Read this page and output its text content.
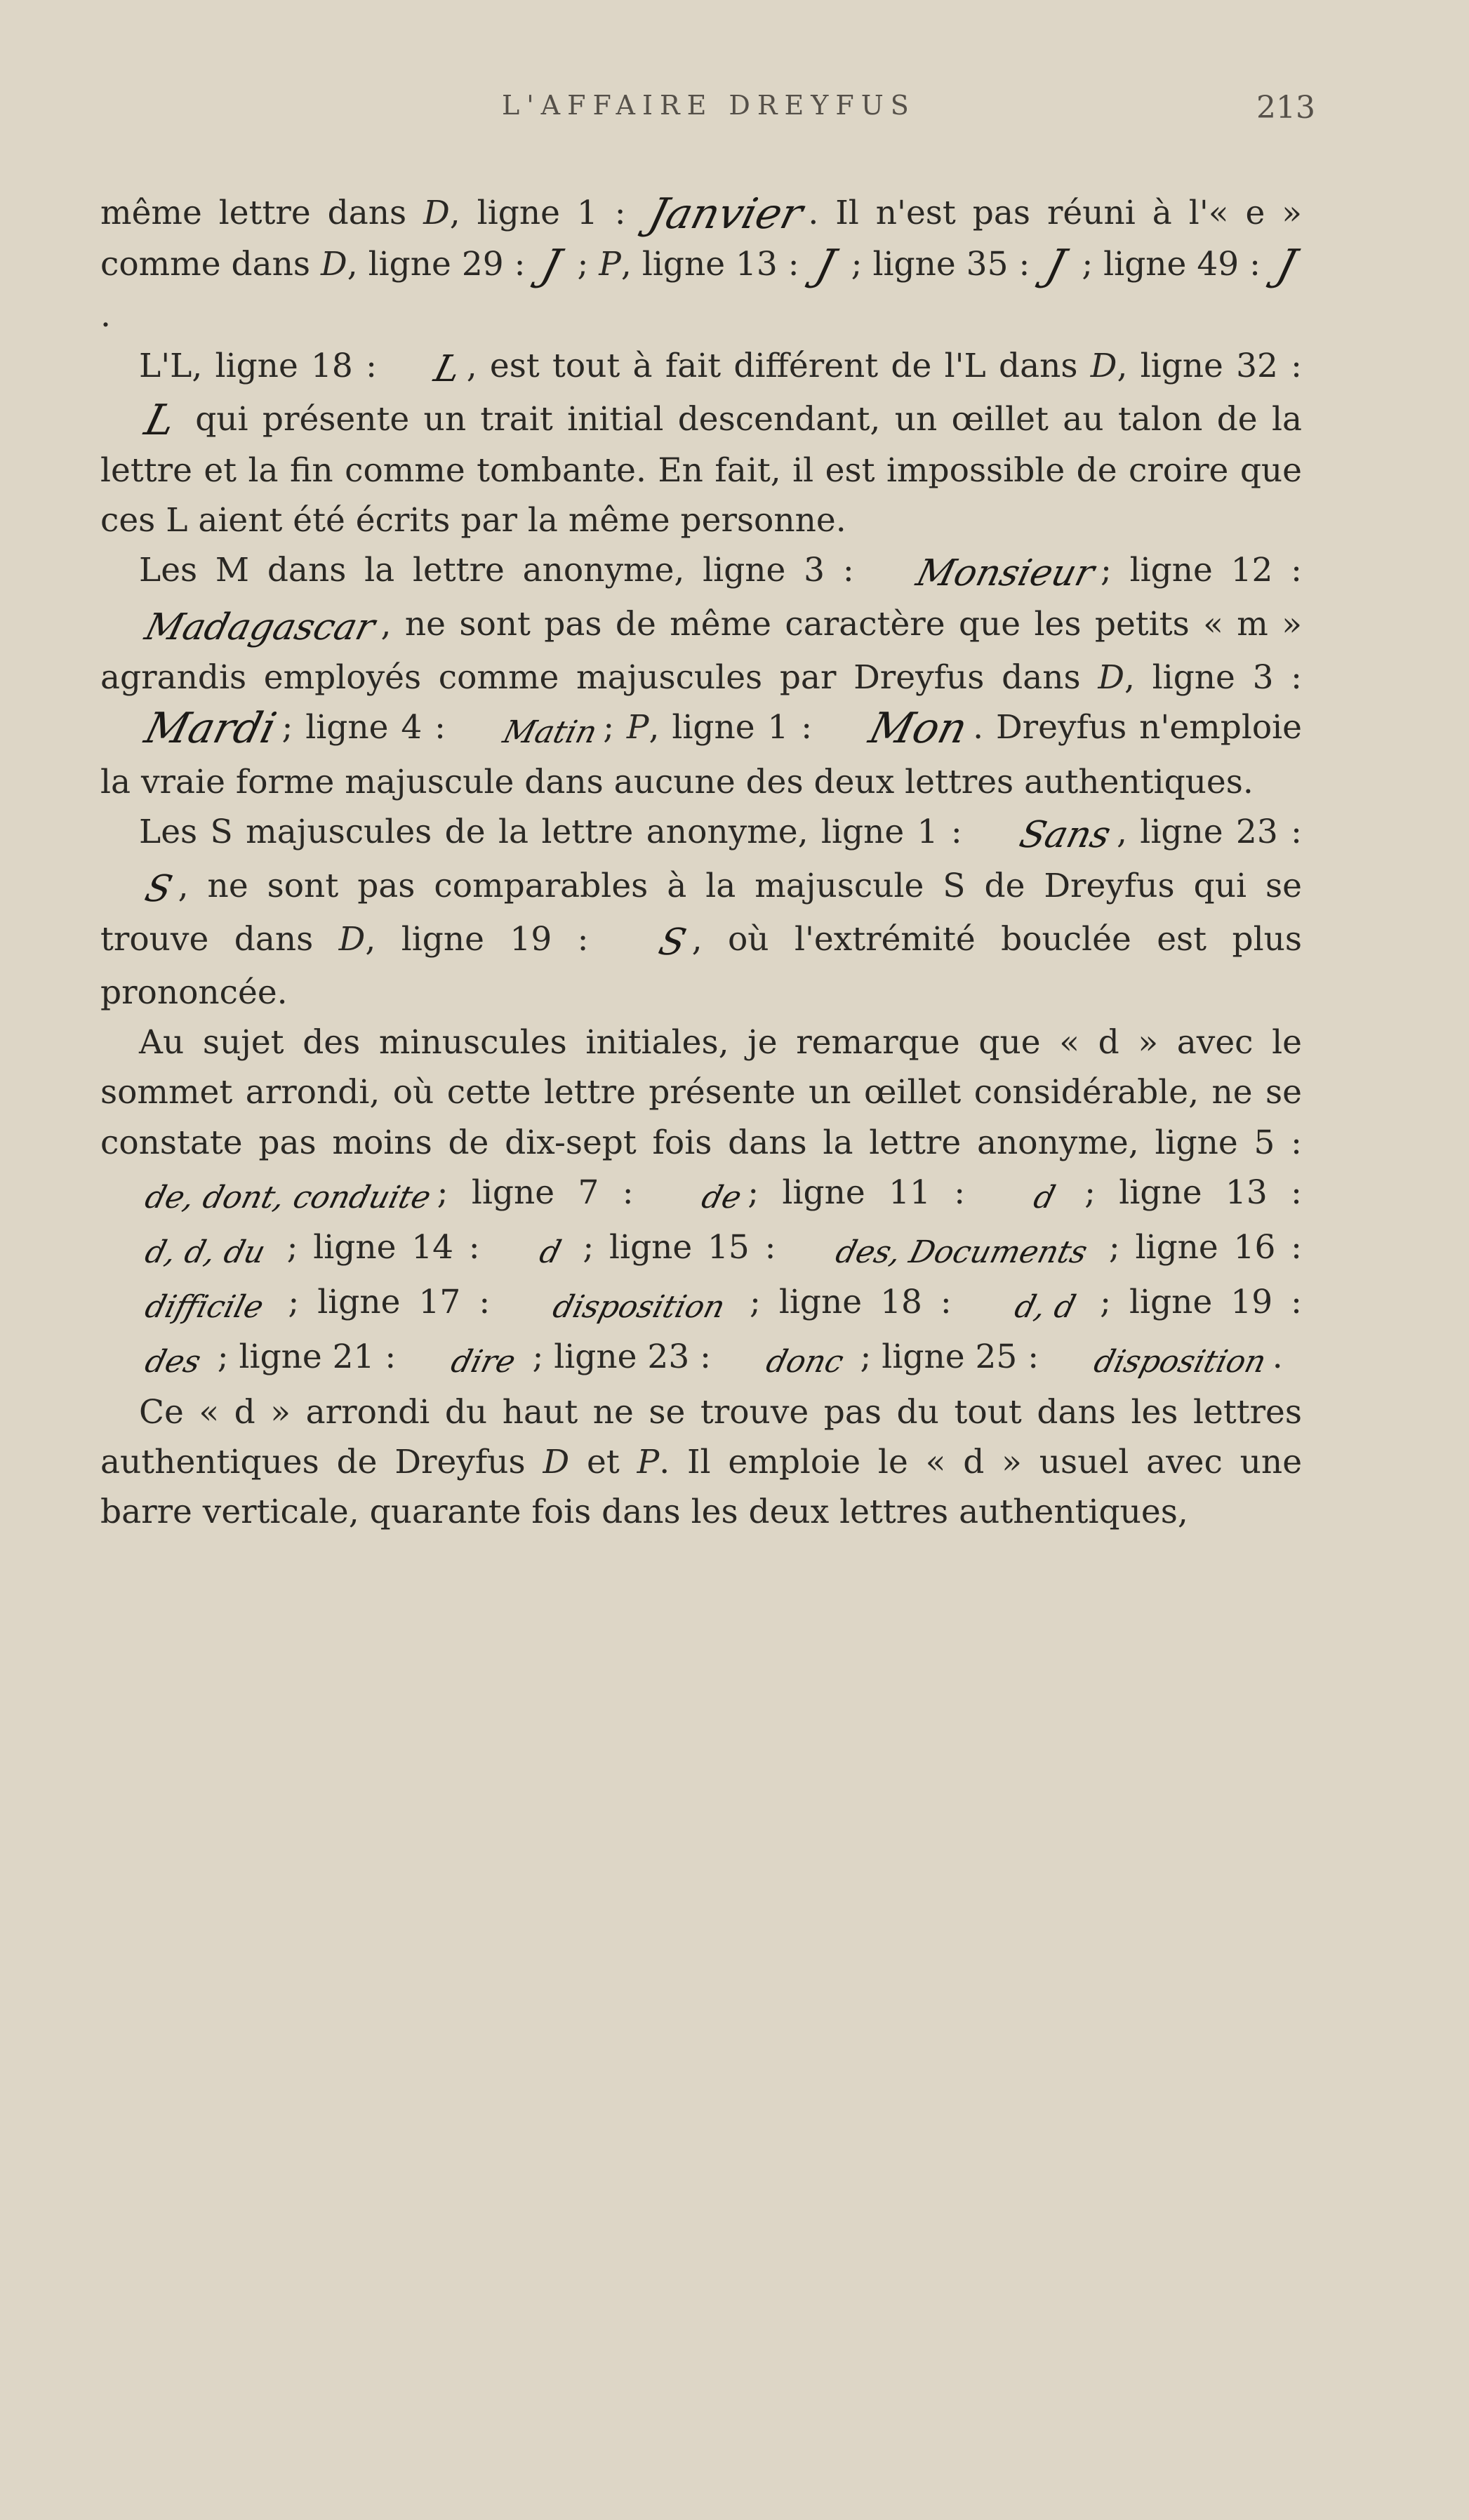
L'AFFAIRE DREYFUS	213

même lettre dans D, ligne 1 : Janvier. Il n'est pas réuni à l'« e » comme dans D, ligne 29 : J ; P, ligne 13 : J ; ligne 35 : J ; ligne 49 : J.

L'L, ligne 18 : L, est tout à fait différent de l'L dans D, ligne 32 : L qui présente un trait initial descendant, un œillet au talon de la lettre et la fin comme tombante. En fait, il est impossible de croire que ces L aient été écrits par la même personne.

Les M dans la lettre anonyme, ligne 3 : Monsieur; ligne 12 : Madagascar, ne sont pas de même caractère que les petits « m » agrandis employés comme majuscules par Dreyfus dans D, ligne 3 : Mardi; ligne 4 : Matin; P, ligne 1 : Mon. Dreyfus n'emploie la vraie forme majuscule dans aucune des deux lettres authentiques.

Les S majuscules de la lettre anonyme, ligne 1 : Sans, ligne 23 : S, ne sont pas comparables à la majuscule S de Dreyfus qui se trouve dans D, ligne 19 : S, où l'extrémité bouclée est plus prononcée.

Au sujet des minuscules initiales, je remarque que « d » avec le sommet arrondi, où cette lettre présente un œillet considérable, ne se constate pas moins de dix-sept fois dans la lettre anonyme, ligne 5 : de, dont, conduite; ligne 7 : de; ligne 11 : d ; ligne 13 : d, d, du ; ligne 14 : d ; ligne 15 : des, Documents ; ligne 16 : difficile ; ligne 17 : disposition ; ligne 18 : d, d ; ligne 19 : des ; ligne 21 : dire ; ligne 23 : donc ; ligne 25 : disposition.

Ce « d » arrondi du haut ne se trouve pas du tout dans les lettres authentiques de Dreyfus D et P. Il emploie le « d » usuel avec une barre verticale, quarante fois dans les deux lettres authentiques,
